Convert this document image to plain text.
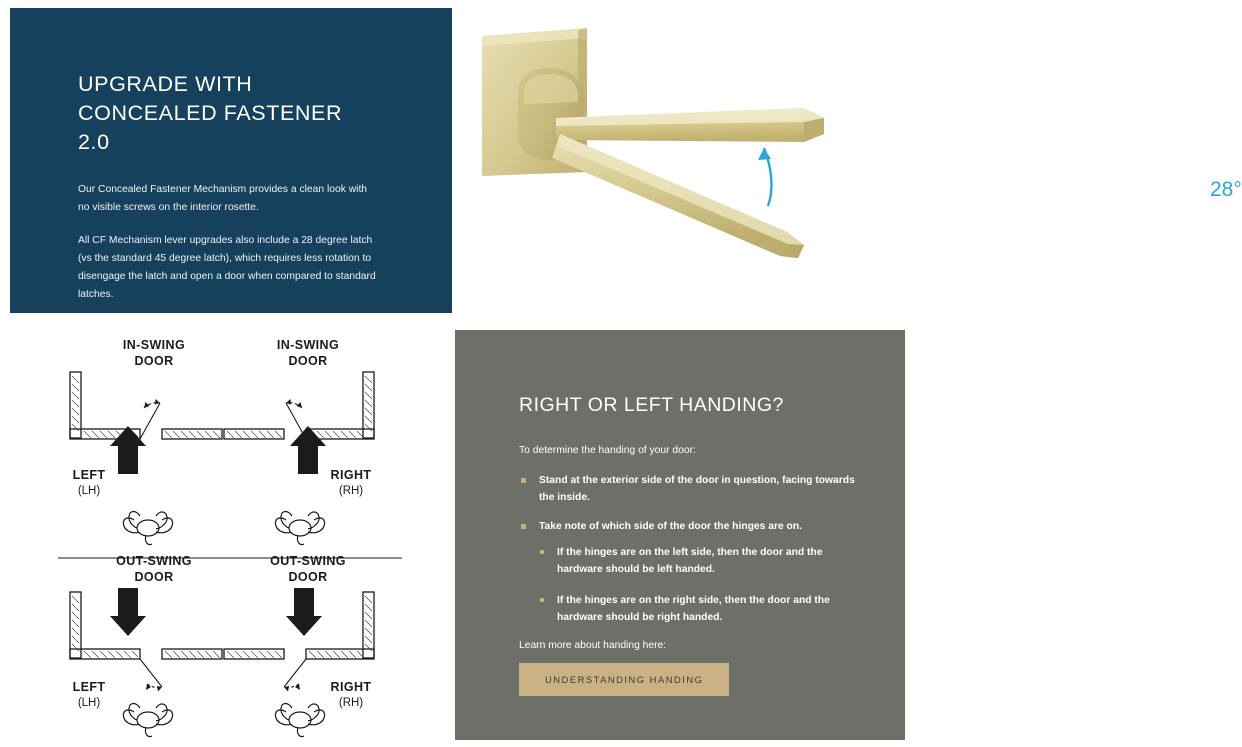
UPGRADE WITH CONCEALED FASTENER 2.0

Our Concealed Fastener Mechanism provides a clean look with no visible screws on the interior rosette.

All CF Mechanism lever upgrades also include a 28 degree latch (vs the standard 45 degree latch), which requires less rotation to disengage the latch and open a door when compared to standard latches.

28°
IN-SWING
DOOR
IN-SWING
DOOR
LEFT
(LH)
RIGHT
(RH)
OUT-SWING
DOOR
OUT-SWING
DOOR
LEFT
(LH)
RIGHT
(RH)
RIGHT OR LEFT HANDING?

To determine the handing of your door:

Stand at the exterior side of the door in question, facing towards the inside.
Take note of which side of the door the hinges are on.
If the hinges are on the left side, then the door and the hardware should be left handed.
If the hinges are on the right side, then the door and the hardware should be right handed.

Learn more about handing here:

UNDERSTANDING HANDING
